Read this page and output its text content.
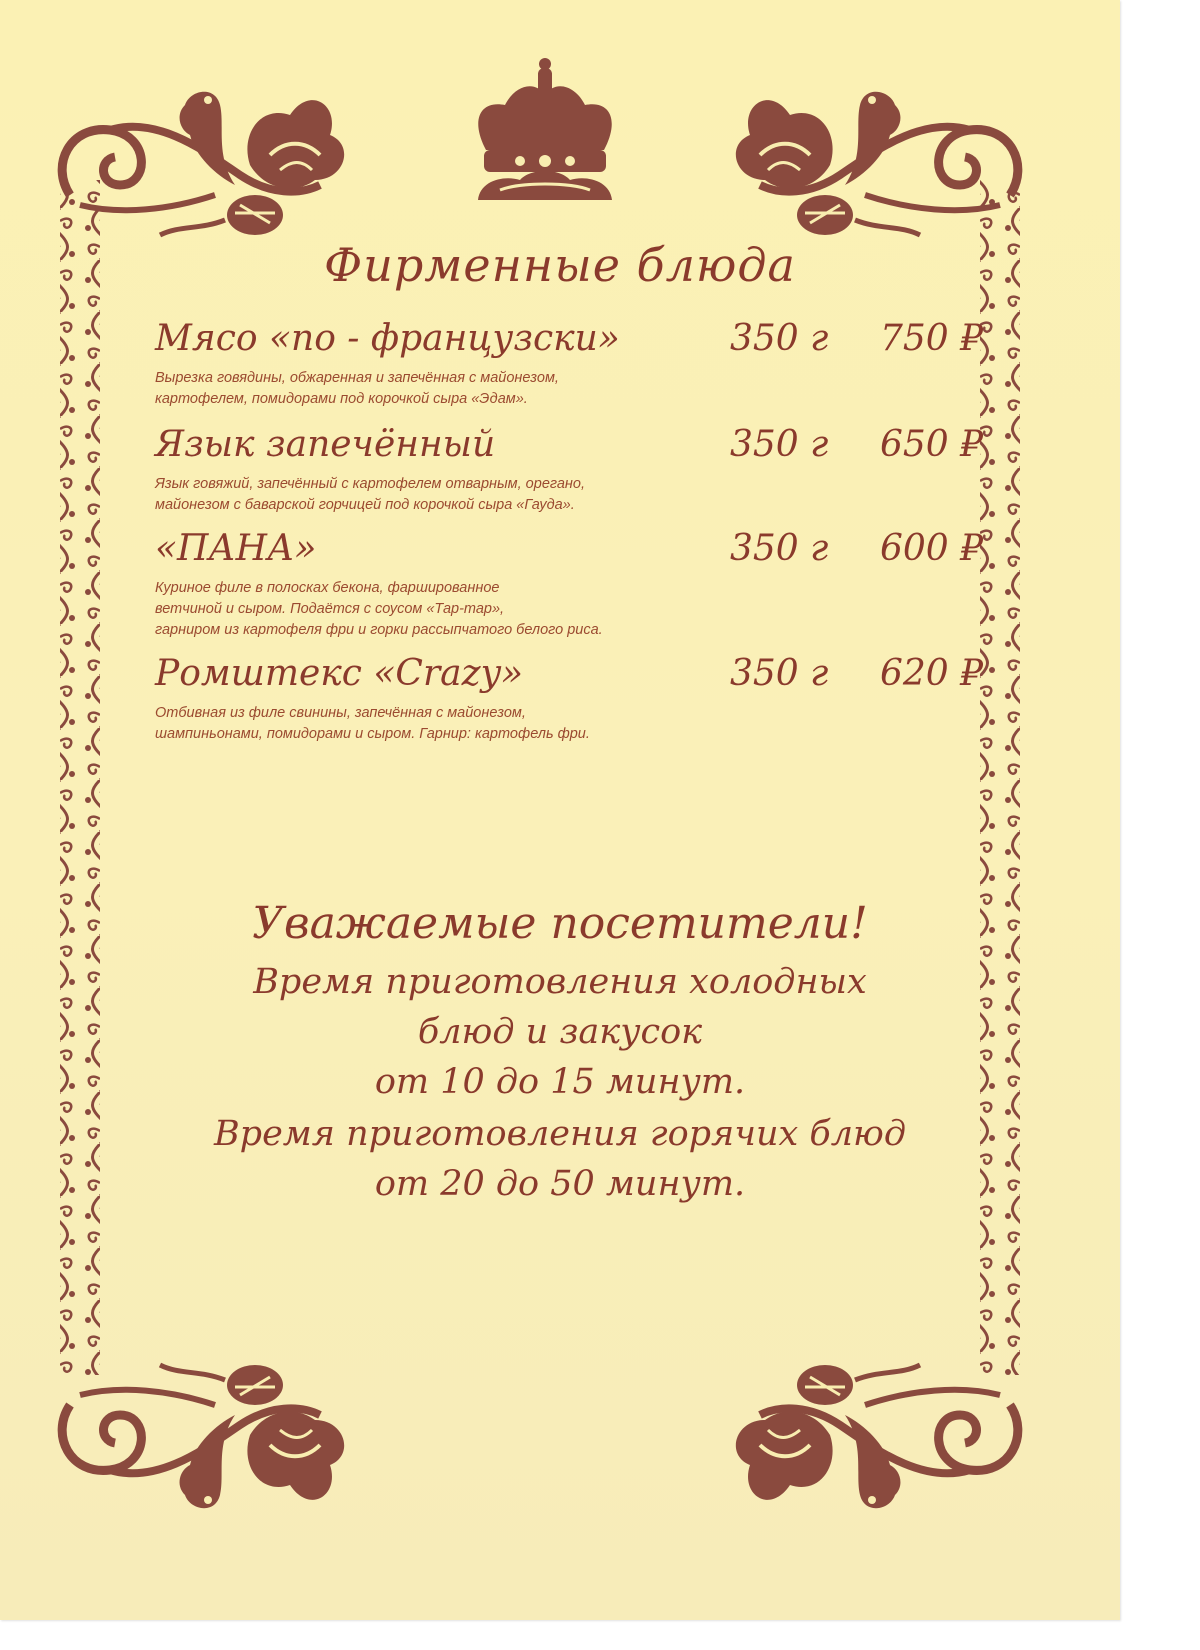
Фирменные блюда
Мясо «по - французски»	350 г 750 ₽
Вырезка говядины, обжаренная и запечённая с майонезом,
картофелем, помидорами под корочкой сыра «Эдам».
Язык запечённый	350 г 650 ₽
Язык говяжий, запечённый с картофелем отварным, орегано,
майонезом с баварской горчицей под корочкой сыра «Гауда».
«ПАНА»	350 г 600 ₽
Куриное филе в полосках бекона, фаршированное
ветчиной и сыром. Подаётся с соусом «Тар-тар»,
гарниром из картофеля фри и горки рассыпчатого белого риса.
Ромштекс «Crazy»	350 г 620 ₽
Отбивная из филе свинины, запечённая с майонезом,
шампиньонами, помидорами и сыром. Гарнир: картофель фри.
Уважаемые посетители!
Время приготовления холодных
блюд и закусок
от 10 до 15 минут.
Время приготовления горячих блюд
от 20 до 50 минут.
